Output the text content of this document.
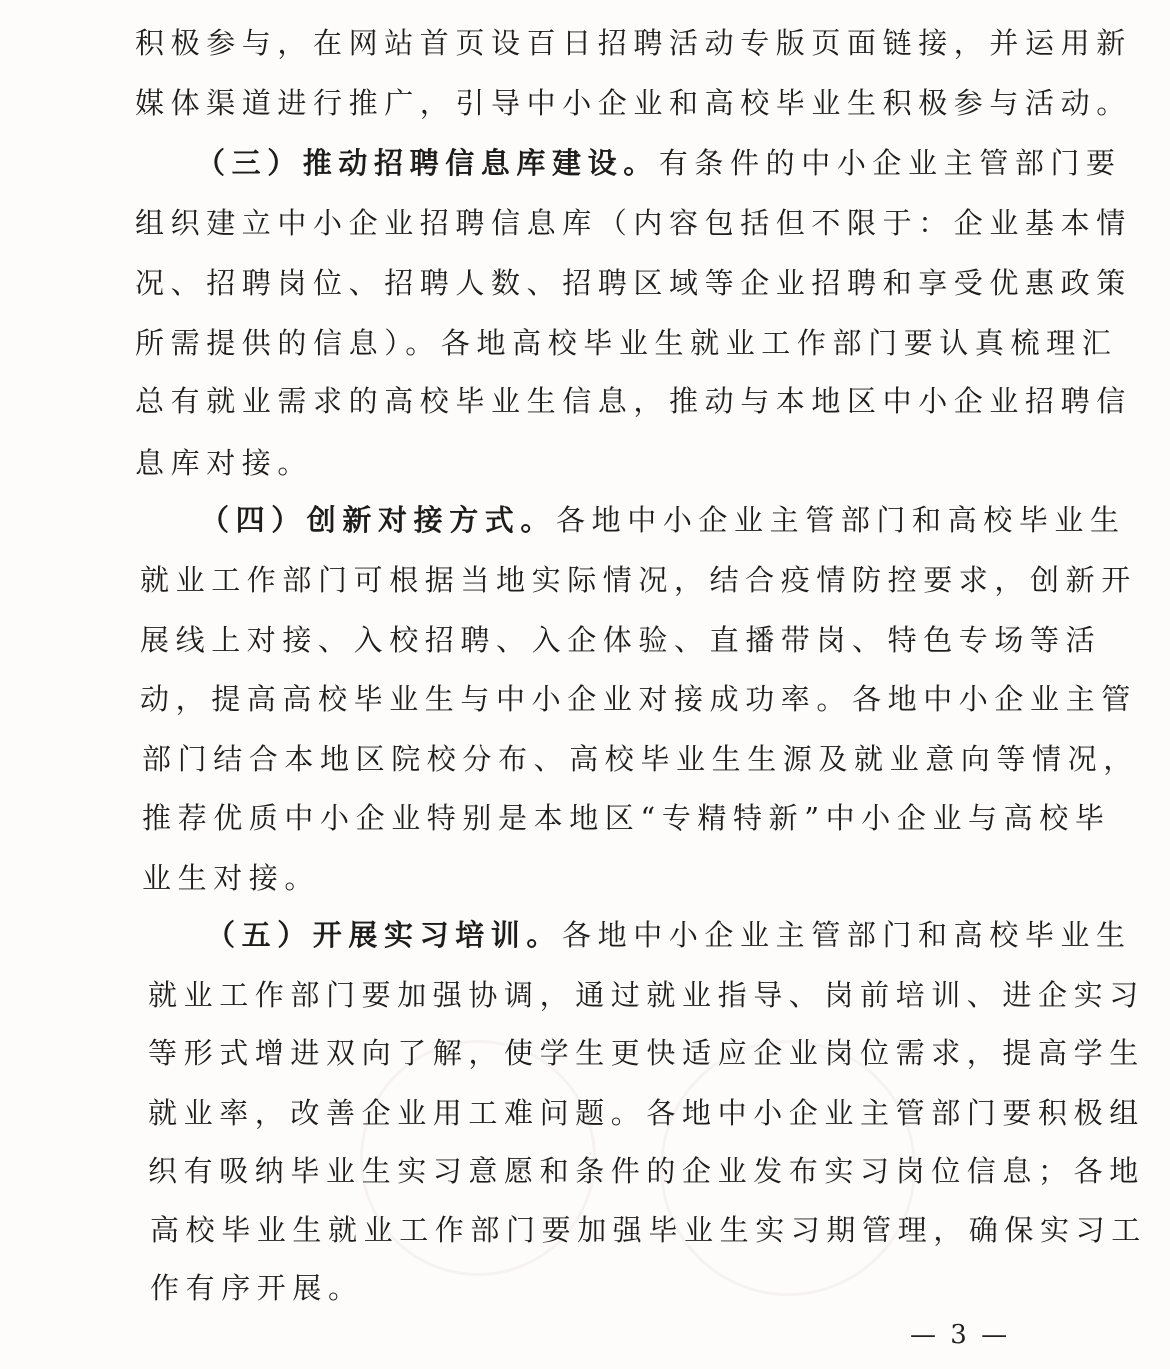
积极参与，在网站首页设百日招聘活动专版页面链接，并运用新
媒体渠道进行推广，引导中小企业和高校毕业生积极参与活动。
（三）推动招聘信息库建设。有条件的中小企业主管部门要
组织建立中小企业招聘信息库（内容包括但不限于：企业基本情
况、招聘岗位、招聘人数、招聘区域等企业招聘和享受优惠政策
所需提供的信息）。各地高校毕业生就业工作部门要认真梳理汇
总有就业需求的高校毕业生信息，推动与本地区中小企业招聘信
息库对接。
（四）创新对接方式。各地中小企业主管部门和高校毕业生
就业工作部门可根据当地实际情况，结合疫情防控要求，创新开
展线上对接、入校招聘、入企体验、直播带岗、特色专场等活
动，提高高校毕业生与中小企业对接成功率。各地中小企业主管
部门结合本地区院校分布、高校毕业生生源及就业意向等情况，
推荐优质中小企业特别是本地区“专精特新”中小企业与高校毕
业生对接。
（五）开展实习培训。各地中小企业主管部门和高校毕业生
就业工作部门要加强协调，通过就业指导、岗前培训、进企实习
等形式增进双向了解，使学生更快适应企业岗位需求，提高学生
就业率，改善企业用工难问题。各地中小企业主管部门要积极组
织有吸纳毕业生实习意愿和条件的企业发布实习岗位信息；各地
高校毕业生就业工作部门要加强毕业生实习期管理，确保实习工
作有序开展。
— 3 —
